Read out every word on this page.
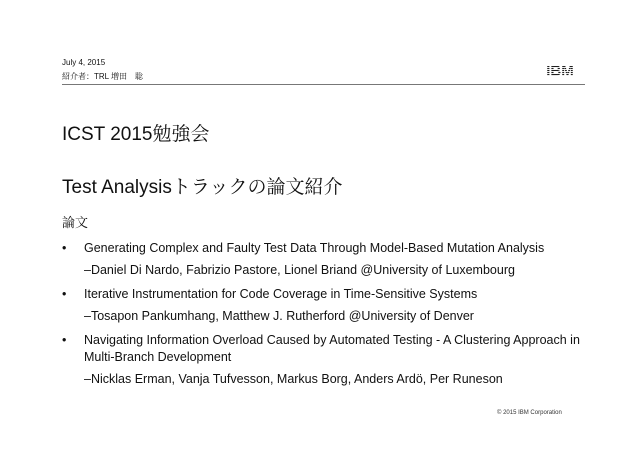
July 4, 2015
紹介者：TRL 増田　聡	IBM
ICST 2015勉強会
Test Analysisトラックの論文紹介
論文
• Generating Complex and Faulty Test Data Through Model-Based Mutation Analysis
–Daniel Di Nardo, Fabrizio Pastore, Lionel Briand @University of Luxembourg
• Iterative Instrumentation for Code Coverage in Time-Sensitive Systems
–Tosapon Pankumhang, Matthew J. Rutherford @University of Denver
• Navigating Information Overload Caused by Automated Testing - A Clustering Approach in Multi-Branch Development
–Nicklas Erman, Vanja Tufvesson, Markus Borg, Anders Ardö, Per Runeson
© 2015 IBM Corporation
